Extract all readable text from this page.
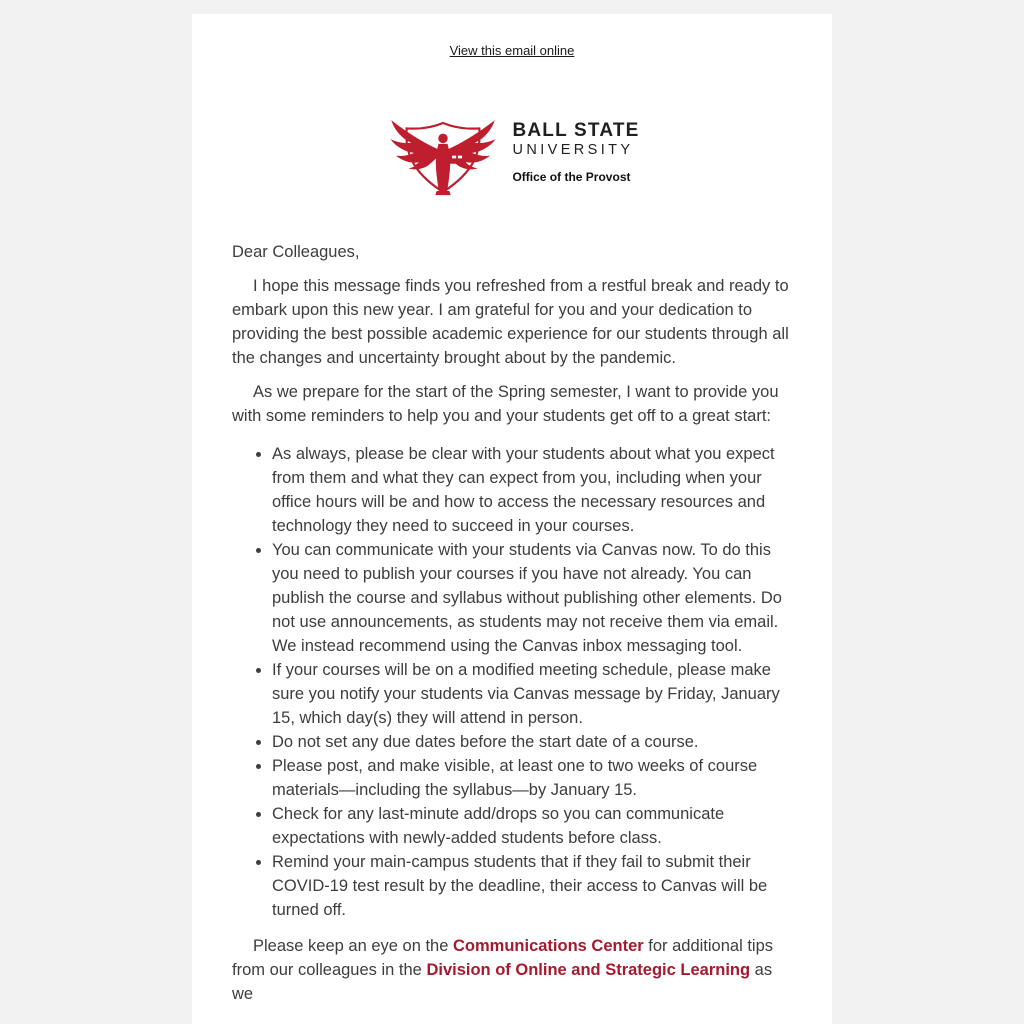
View this email online
BALL STATE
UNIVERSITY
Office of the Provost

Dear Colleagues,

I hope this message finds you refreshed from a restful break and ready to embark upon this new year. I am grateful for you and your dedication to providing the best possible academic experience for our students through all the changes and uncertainty brought about by the pandemic.

As we prepare for the start of the Spring semester, I want to provide you with some reminders to help you and your students get off to a great start:

• As always, please be clear with your students about what you expect from them and what they can expect from you, including when your office hours will be and how to access the necessary resources and technology they need to succeed in your courses.
• You can communicate with your students via Canvas now. To do this you need to publish your courses if you have not already. You can publish the course and syllabus without publishing other elements. Do not use announcements, as students may not receive them via email. We instead recommend using the Canvas inbox messaging tool.
• If your courses will be on a modified meeting schedule, please make sure you notify your students via Canvas message by Friday, January 15, which day(s) they will attend in person.
• Do not set any due dates before the start date of a course.
• Please post, and make visible, at least one to two weeks of course materials—including the syllabus—by January 15.
• Check for any last-minute add/drops so you can communicate expectations with newly-added students before class.
• Remind your main-campus students that if they fail to submit their COVID-19 test result by the deadline, their access to Canvas will be turned off.

Please keep an eye on the Communications Center for additional tips from our colleagues in the Division of Online and Strategic Learning as we
